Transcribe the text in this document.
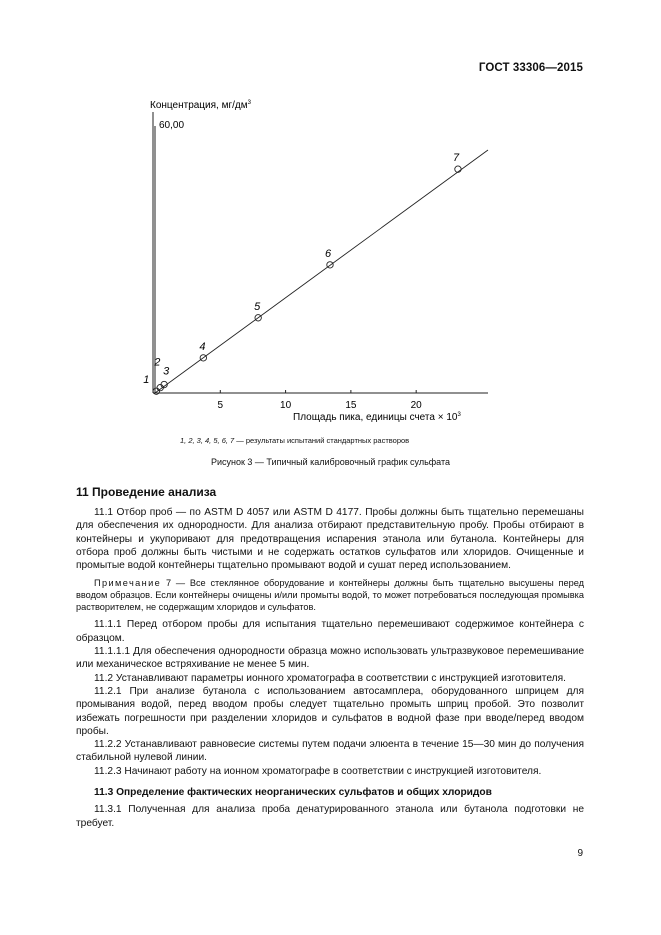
ГОСТ 33306—2015
Концентрация, $мг/дм^3$
60,00
5	10	15	20
Площадь пика, единицы счета × $10^3$
1
2
3
4
5
6
7
1, 2, 3, 4, 5, 6, 7 — результаты испытаний стандартных растворов
Рисунок 3 — Типичный калибровочный график сульфата
11 Проведение анализа

11.1 Отбор проб — по ASTM D 4057 или ASTM D 4177. Пробы должны быть тщательно перемешаны для обеспечения их однородности. Для анализа отбирают представительную пробу. Пробы отбирают в контейнеры и укупоривают для предотвращения испарения этанола или бутанола. Контейнеры для отбора проб должны быть чистыми и не содержать остатков сульфатов или хлоридов. Очищенные и промытые водой контейнеры тщательно промывают водой и сушат перед использованием.

Примечание 7 — Все стеклянное оборудование и контейнеры должны быть тщательно высушены перед вводом образцов. Если контейнеры очищены и/или промыты водой, то может потребоваться последующая промывка растворителем, не содержащим хлоридов и сульфатов.

11.1.1 Перед отбором пробы для испытания тщательно перемешивают содержимое контейнера с образцом.

11.1.1.1 Для обеспечения однородности образца можно использовать ультразвуковое перемешивание или механическое встряхивание не менее 5 мин.

11.2 Устанавливают параметры ионного хроматографа в соответствии с инструкцией изготовителя.

11.2.1 При анализе бутанола с использованием автосамплера, оборудованного шприцем для промывания водой, перед вводом пробы следует тщательно промыть шприц пробой. Это позволит избежать погрешности при разделении хлоридов и сульфатов в водной фазе при вводе/перед вводом пробы.

11.2.2 Устанавливают равновесие системы путем подачи элюента в течение 15—30 мин до получения стабильной нулевой линии.

11.2.3 Начинают работу на ионном хроматографе в соответствии с инструкцией изготовителя.

11.3 Определение фактических неорганических сульфатов и общих хлоридов

11.3.1 Полученная для анализа проба денатурированного этанола или бутанола подготовки не требует.

9
